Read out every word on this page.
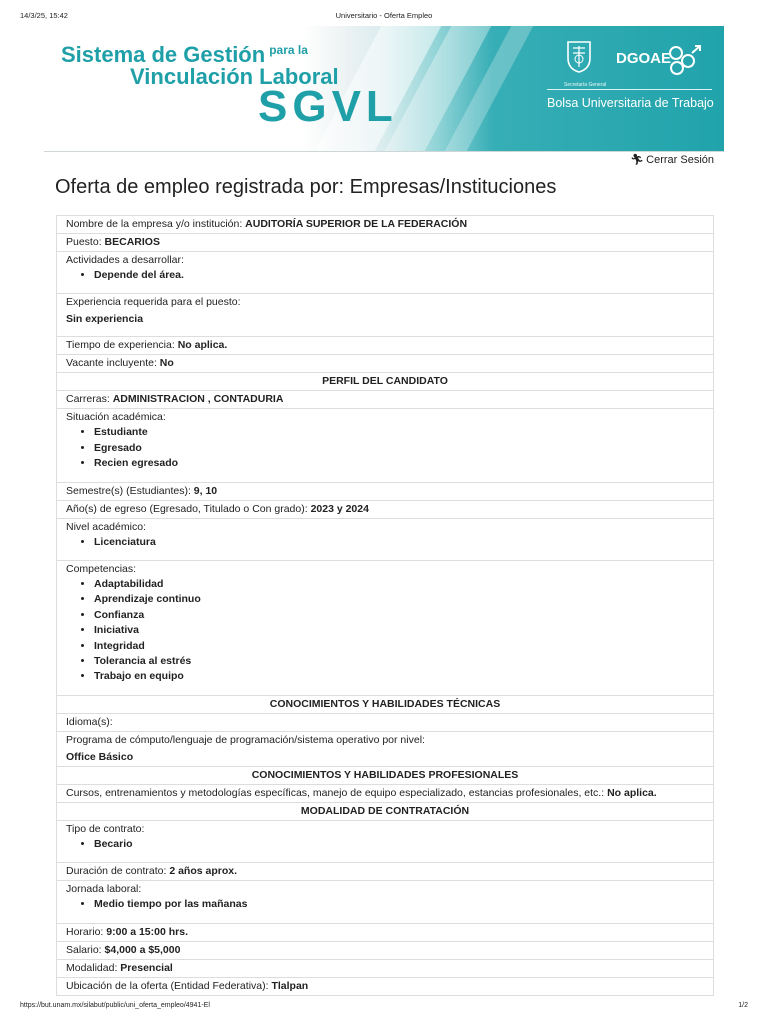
14/3/25, 15:42	Universitario - Oferta Empleo
Sistema de Gestión $^{para la}$
Vinculación Laboral
SGVL	Secretaría General
DGOAE
Bolsa Universitaria de Trabajo
🏃︎ Cerrar Sesión
Oferta de empleo registrada por: Empresas/Instituciones
Nombre de la empresa y/o institución: AUDITORÍA SUPERIOR DE LA FEDERACIÓN
Puesto: BECARIOS
Actividades a desarrollar:
• Depende del área.
Experiencia requerida para el puesto:
Sin experiencia
Tiempo de experiencia: No aplica.
Vacante incluyente: No
PERFIL DEL CANDIDATO
Carreras: ADMINISTRACION , CONTADURIA
Situación académica:
• Estudiante
• Egresado
• Recien egresado
Semestre(s) (Estudiantes): 9, 10
Año(s) de egreso (Egresado, Titulado o Con grado): 2023 y 2024
Nivel académico:
• Licenciatura
Competencias:
• Adaptabilidad
• Aprendizaje continuo
• Confianza
• Iniciativa
• Integridad
• Tolerancia al estrés
• Trabajo en equipo
CONOCIMIENTOS Y HABILIDADES TÉCNICAS
Idioma(s):
Programa de cómputo/lenguaje de programación/sistema operativo por nivel:
Office Básico
CONOCIMIENTOS Y HABILIDADES PROFESIONALES
Cursos, entrenamientos y metodologías específicas, manejo de equipo especializado, estancias profesionales, etc.: No aplica.
MODALIDAD DE CONTRATACIÓN
Tipo de contrato:
• Becario
Duración de contrato: 2 años aprox.
Jornada laboral:
• Medio tiempo por las mañanas
Horario: 9:00 a 15:00 hrs.
Salario: $4,000 a $5,000
Modalidad: Presencial
Ubicación de la oferta (Entidad Federativa): Tlalpan
https://but.unam.mx/silabut/public/uni_oferta_empleo/4941-El	1/2
